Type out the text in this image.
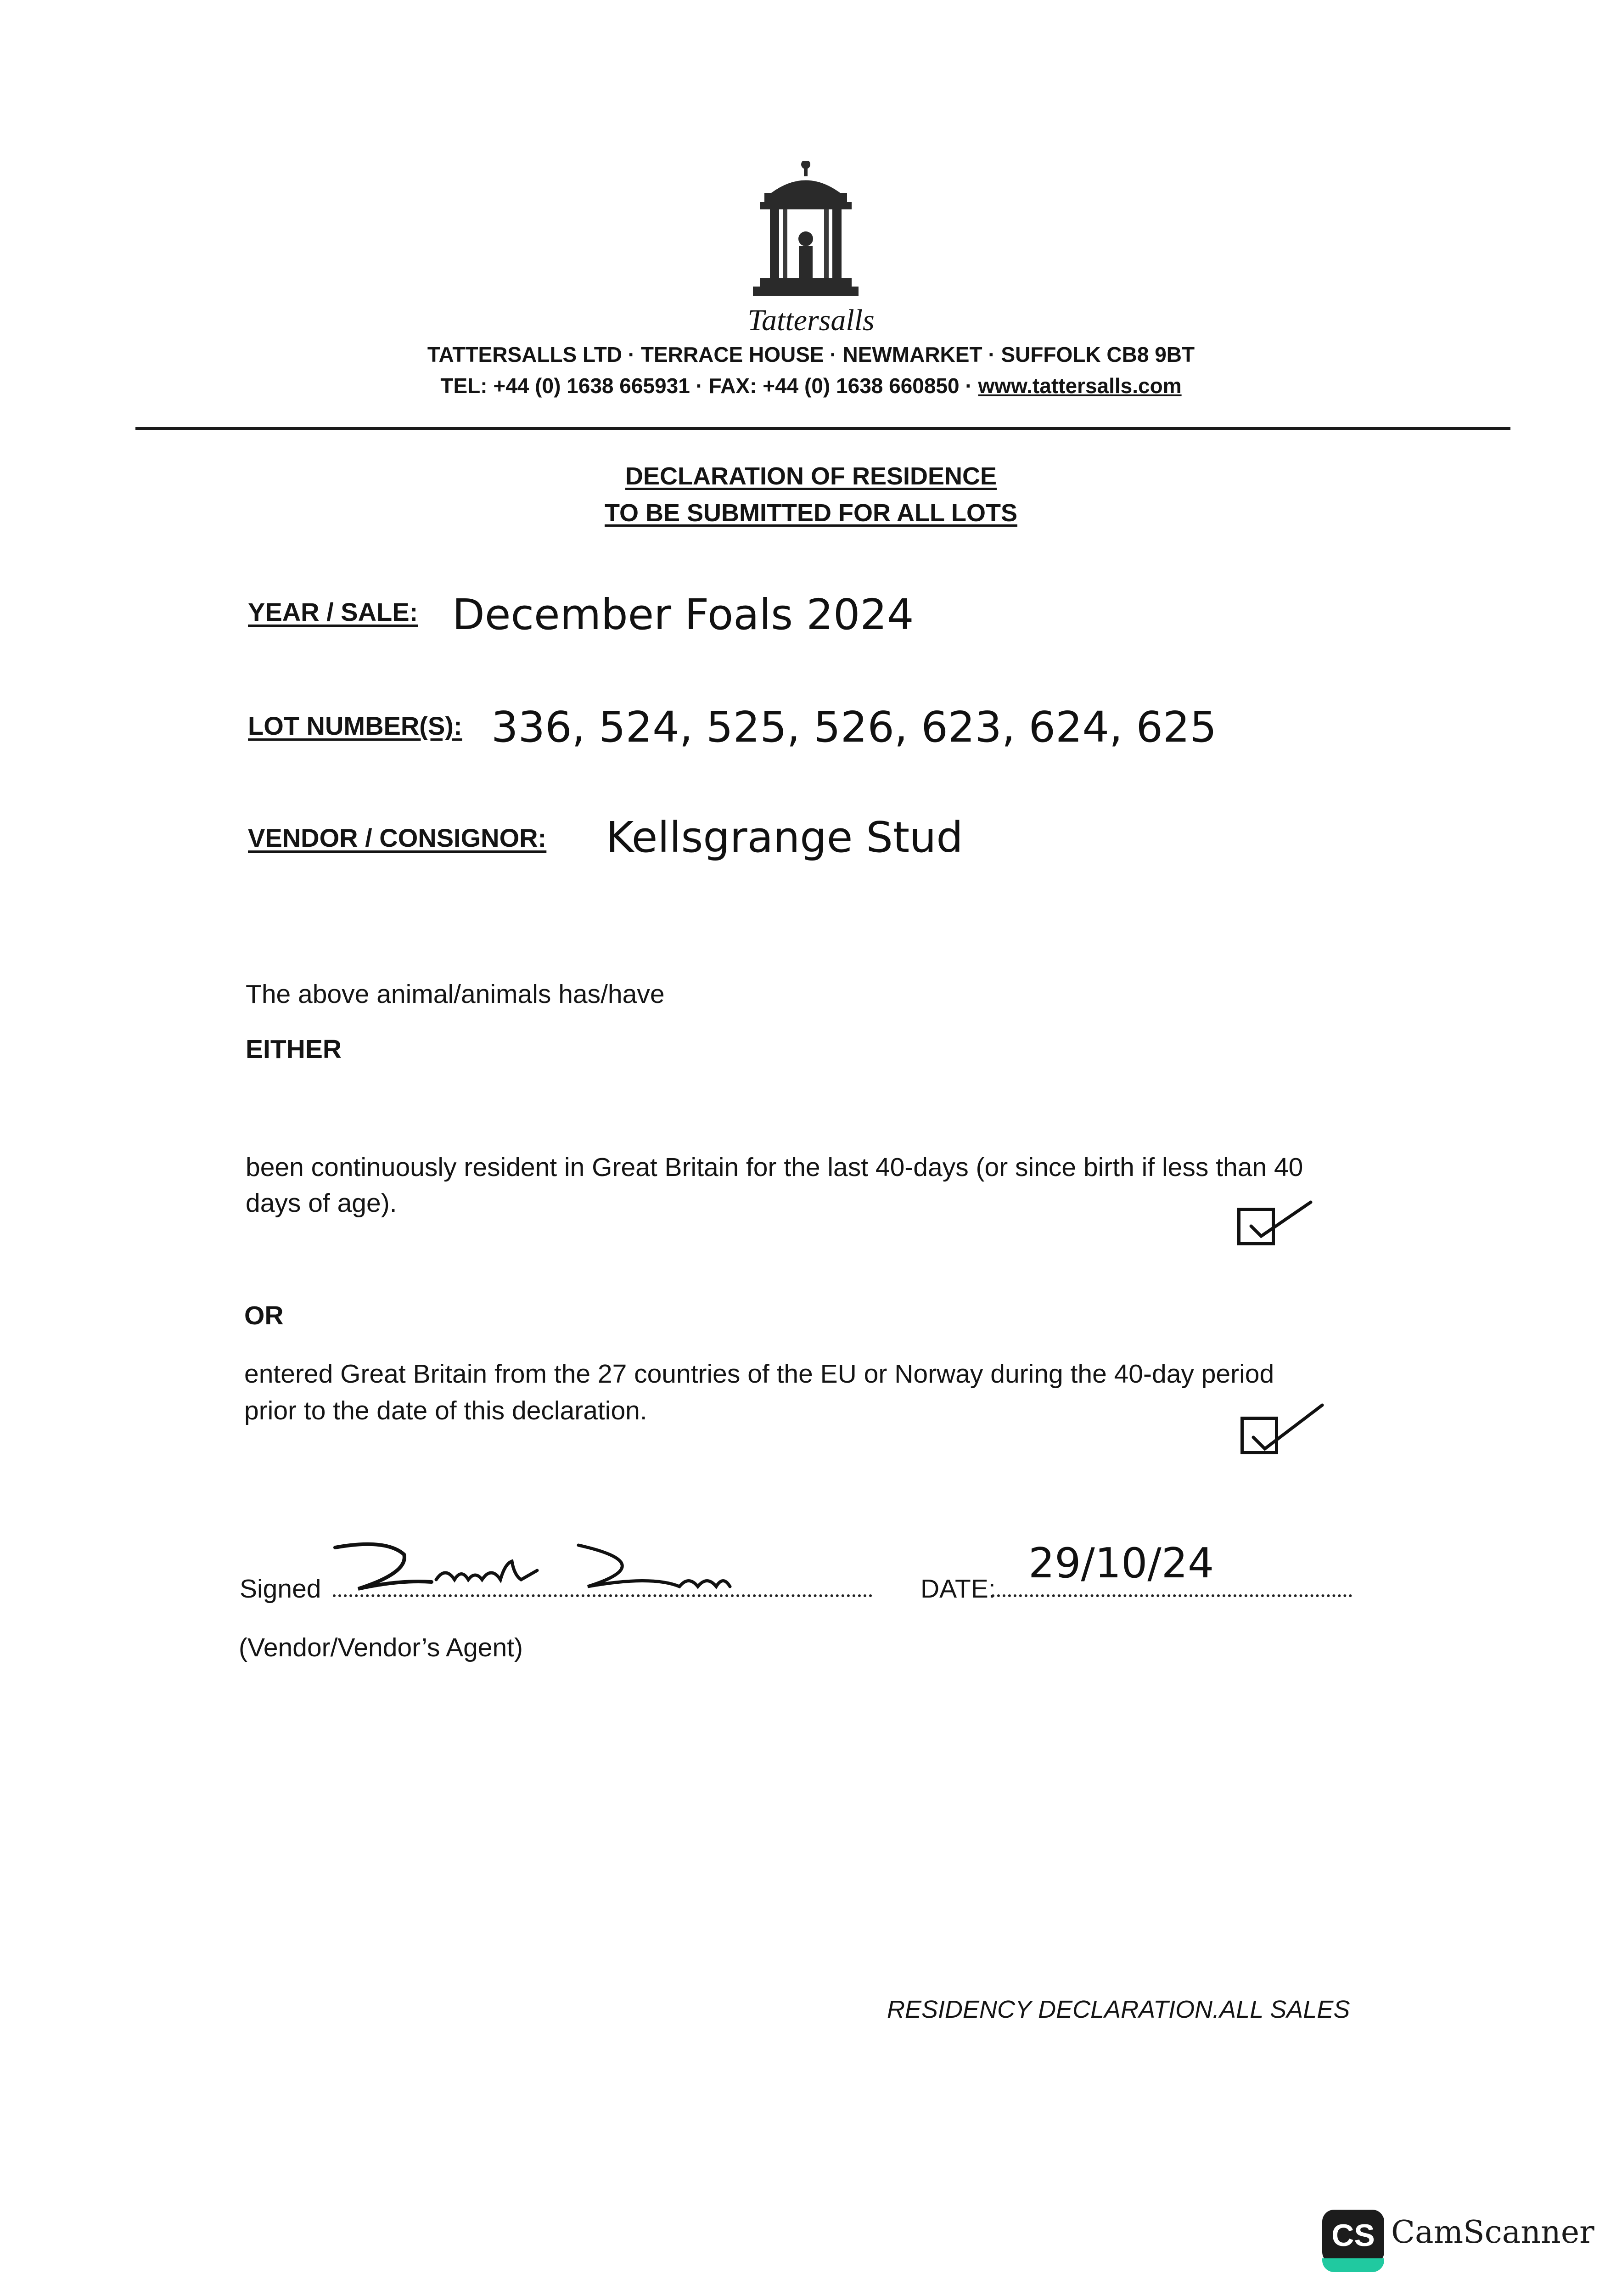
Tattersalls
TATTERSALLS LTD · TERRACE HOUSE · NEWMARKET · SUFFOLK CB8 9BT
TEL: +44 (0) 1638 665931 · FAX: +44 (0) 1638 660850 · www.tattersalls.com
DECLARATION OF RESIDENCE
TO BE SUBMITTED FOR ALL LOTS
YEAR / SALE: December Foals 2024
LOT NUMBER(S): 336, 524, 525, 526, 623, 624, 625
VENDOR / CONSIGNOR: Kellsgrange Stud
The above animal/animals has/have
EITHER
been continuously resident in Great Britain for the last 40-days (or since birth if less than 40
days of age).
OR
entered Great Britain from the 27 countries of the EU or Norway during the 40-day period
prior to the date of this declaration.
Signed	DATE:
29/10/24
(Vendor/Vendor’s Agent)
RESIDENCY DECLARATION.ALL SALES
CS CamScanner
